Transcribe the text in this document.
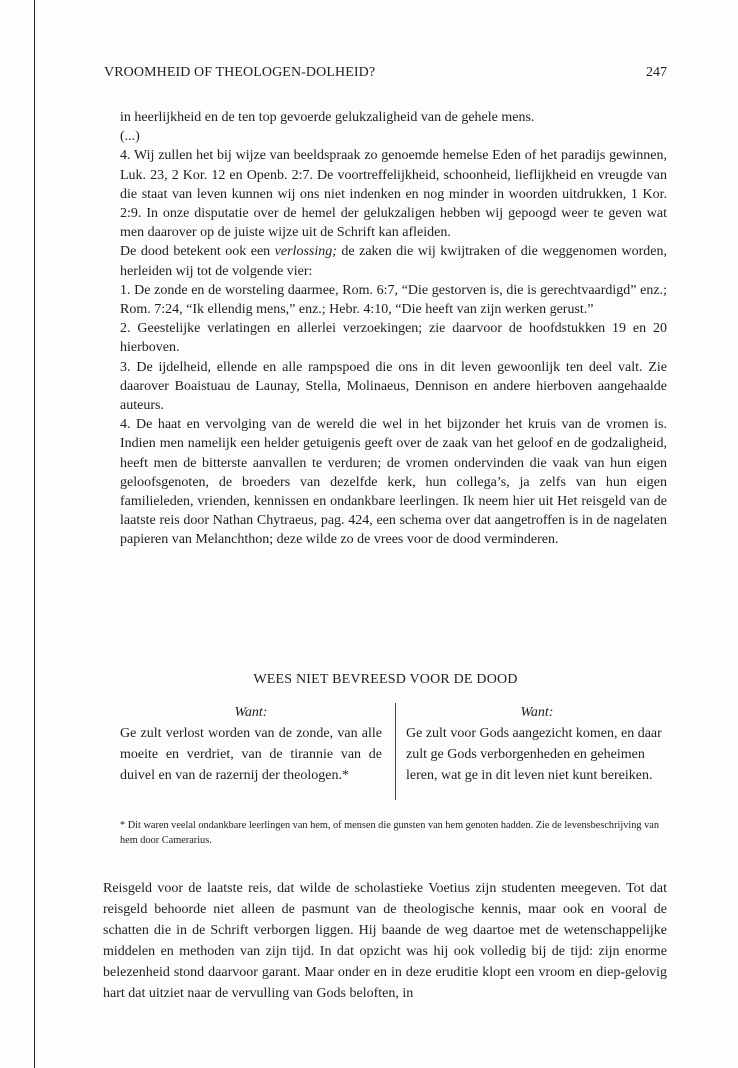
VROOMHEID OF THEOLOGEN-DOLHEID?	247

in heerlijkheid en de ten top gevoerde gelukzaligheid van de gehele mens.

(...)

4. Wij zullen het bij wijze van beeldspraak zo genoemde hemelse Eden of het paradijs gewinnen, Luk. 23, 2 Kor. 12 en Openb. 2:7. De voortreffelijkheid, schoonheid, lieflijkheid en vreugde van die staat van leven kunnen wij ons niet indenken en nog minder in woorden uitdrukken, 1 Kor. 2:9. In onze disputatie over de hemel der gelukzaligen hebben wij gepoogd weer te geven wat men daarover op de juiste wijze uit de Schrift kan afleiden.

De dood betekent ook een verlossing; de zaken die wij kwijtraken of die weggenomen worden, herleiden wij tot de volgende vier:

1. De zonde en de worsteling daarmee, Rom. 6:7, “Die gestorven is, die is gerechtvaardigd” enz.; Rom. 7:24, “Ik ellendig mens,” enz.; Hebr. 4:10, “Die heeft van zijn werken gerust.”

2. Geestelijke verlatingen en allerlei verzoekingen; zie daarvoor de hoofdstukken 19 en 20 hierboven.

3. De ijdelheid, ellende en alle rampspoed die ons in dit leven gewoonlijk ten deel valt. Zie daarover Boaistuau de Launay, Stella, Molinaeus, Dennison en andere hierboven aangehaalde auteurs.

4. De haat en vervolging van de wereld die wel in het bijzonder het kruis van de vromen is. Indien men namelijk een helder getuigenis geeft over de zaak van het geloof en de godzaligheid, heeft men de bitterste aanvallen te verduren; de vromen ondervinden die vaak van hun eigen geloofsgenoten, de broeders van dezelfde kerk, hun collega’s, ja zelfs van hun eigen familieleden, vrienden, kennissen en ondankbare leerlingen. Ik neem hier uit Het reisgeld van de laatste reis door Nathan Chytraeus, pag. 424, een schema over dat aangetroffen is in de nagelaten papieren van Melanchthon; deze wilde zo de vrees voor de dood verminderen.

WEES NIET BEVREESD VOOR DE DOOD

Want:

Ge zult verlost worden van de zonde, van alle moeite en verdriet, van de tirannie van de duivel en van de razernij der theologen.*

Want:

Ge zult voor Gods aangezicht komen, en daar zult ge Gods verborgenheden en geheimen leren, wat ge in dit leven niet kunt bereiken.

* Dit waren veelal ondankbare leerlingen van hem, of mensen die gunsten van hem genoten hadden. Zie de levensbeschrijving van hem door Camerarius.

Reisgeld voor de laatste reis, dat wilde de scholastieke Voetius zijn studenten meegeven. Tot dat reisgeld behoorde niet alleen de pasmunt van de theologische kennis, maar ook en vooral de schatten die in de Schrift verborgen liggen. Hij baande de weg daartoe met de wetenschappelijke middelen en methoden van zijn tijd. In dat opzicht was hij ook volledig bij de tijd: zijn enorme belezenheid stond daarvoor garant. Maar onder en in deze eruditie klopt een vroom en diep-gelovig hart dat uitziet naar de vervulling van Gods beloften, in
